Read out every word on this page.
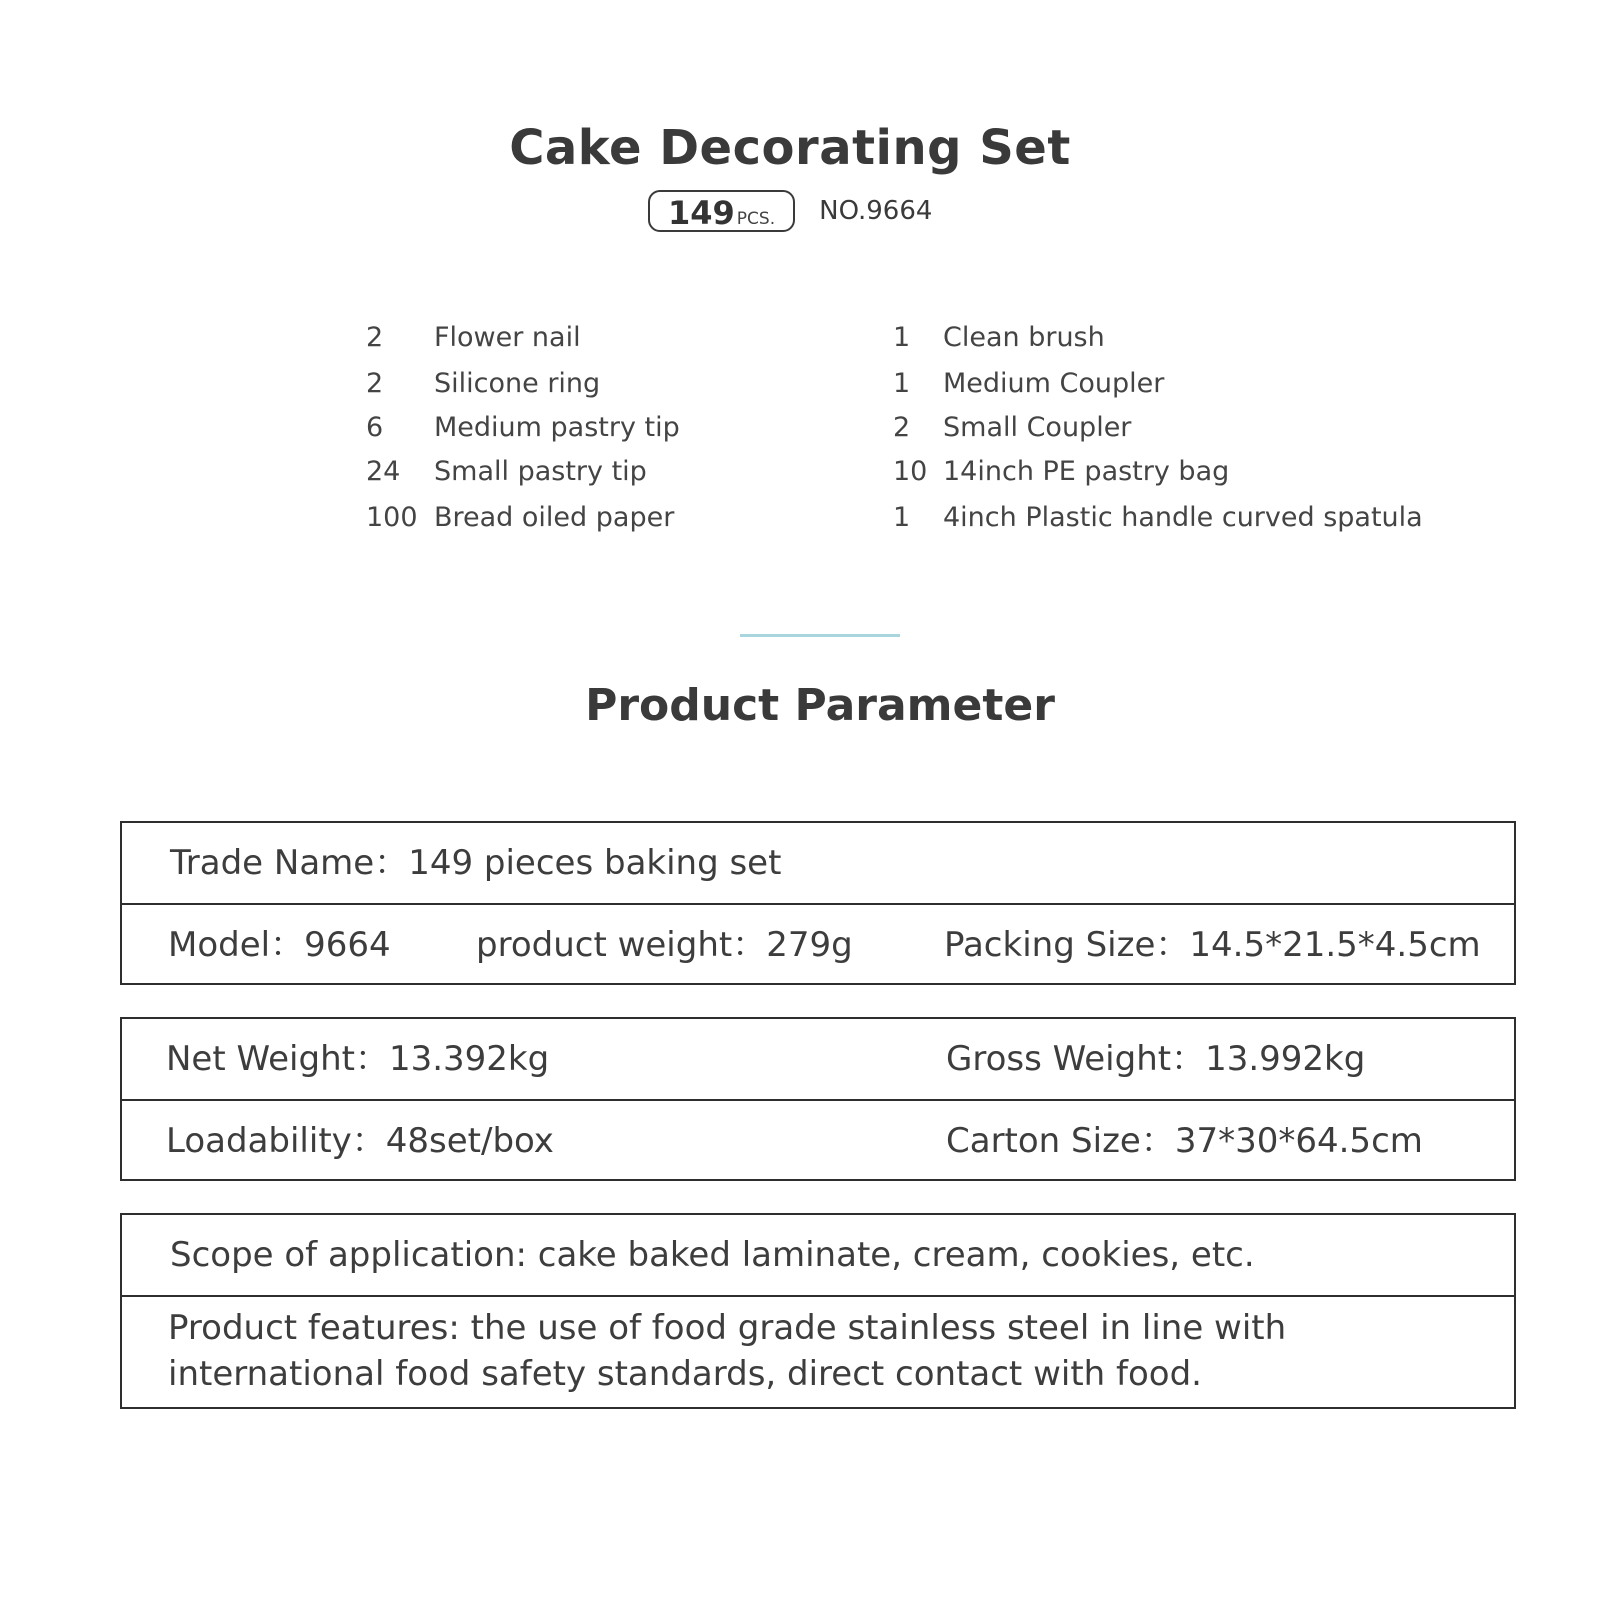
Cake Decorating Set
149 PCS. NO.9664
2 Flower nail
2 Silicone ring
6 Medium pastry tip
24 Small pastry tip
100 Bread oiled paper
1 Clean brush
1 Medium Coupler
2 Small Coupler
10 14inch PE pastry bag
1 4inch Plastic handle curved spatula
Product Parameter
Trade Name：149 pieces baking set
Model：9664	product weight：279g	Packing Size：14.5*21.5*4.5cm
Net Weight：13.392kg	Gross Weight：13.992kg
Loadability：48set/box	Carton Size：37*30*64.5cm
Scope of application: cake baked laminate, cream, cookies, etc.
Product features: the use of food grade stainless steel in line with international food safety standards, direct contact with food.
